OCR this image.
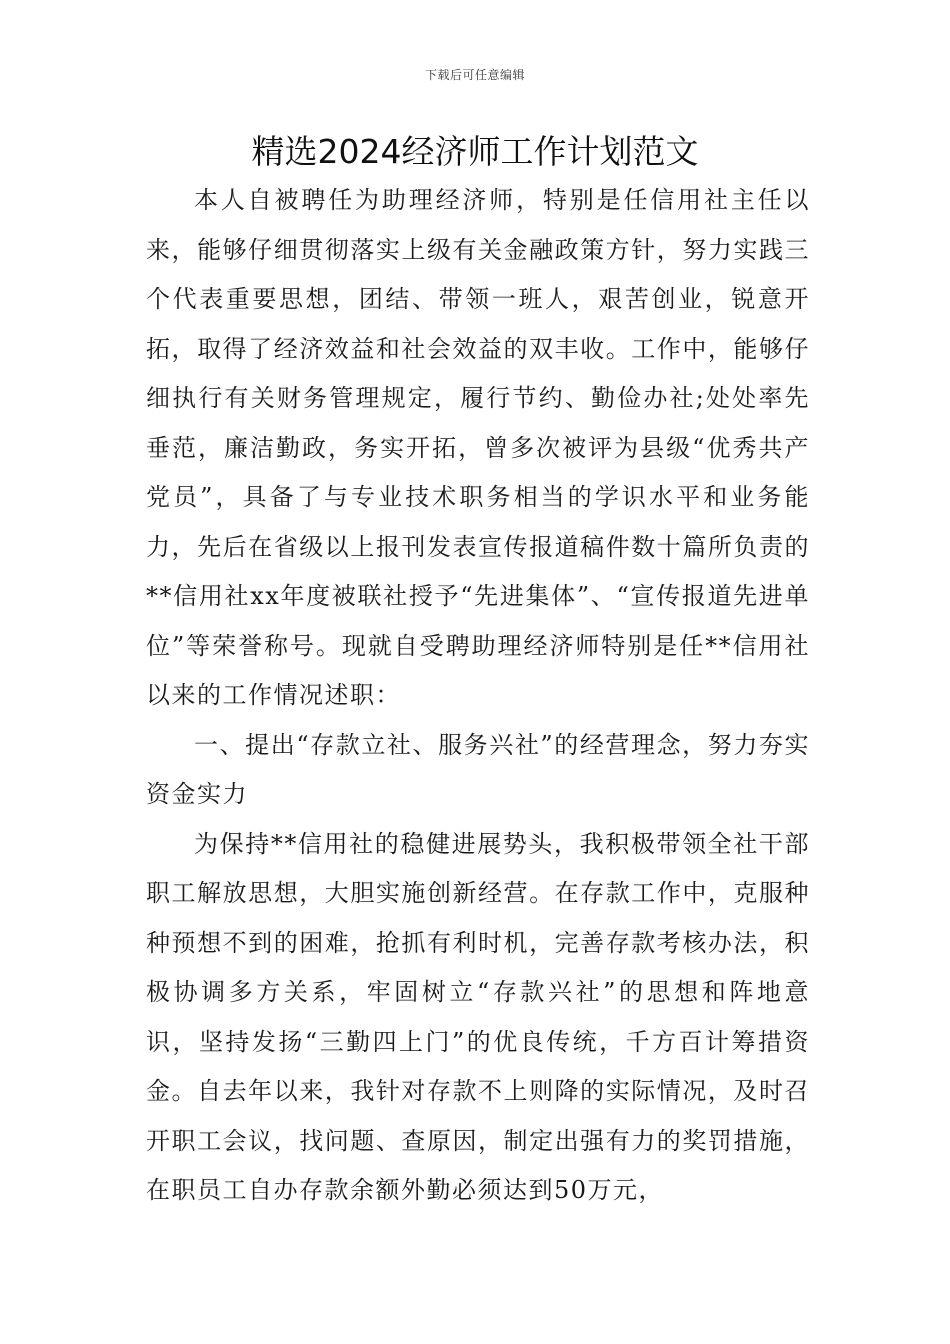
下载后可任意编辑
精选2024经济师工作计划范文

本人自被聘任为助理经济师，特别是任信用社主任以来，能够仔细贯彻落实上级有关金融政策方针，努力实践三个代表重要思想，团结、带领一班人，艰苦创业，锐意开拓，取得了经济效益和社会效益的双丰收。工作中，能够仔细执行有关财务管理规定，履行节约、勤俭办社;处处率先垂范，廉洁勤政，务实开拓，曾多次被评为县级“优秀共产党员”，具备了与专业技术职务相当的学识水平和业务能力，先后在省级以上报刊发表宣传报道稿件数十篇所负责的**信用社xx年度被联社授予“先进集体”、“宣传报道先进单位”等荣誉称号。现就自受聘助理经济师特别是任**信用社以来的工作情况述职：

一、提出“存款立社、服务兴社”的经营理念，努力夯实资金实力

为保持**信用社的稳健进展势头，我积极带领全社干部职工解放思想，大胆实施创新经营。在存款工作中，克服种种预想不到的困难，抢抓有利时机，完善存款考核办法，积极协调多方关系，牢固树立“存款兴社”的思想和阵地意识，坚持发扬“三勤四上门”的优良传统，千方百计筹措资金。自去年以来，我针对存款不上则降的实际情况，及时召开职工会议，找问题、查原因，制定出强有力的奖罚措施，在职员工自办存款余额外勤必须达到50万元，
